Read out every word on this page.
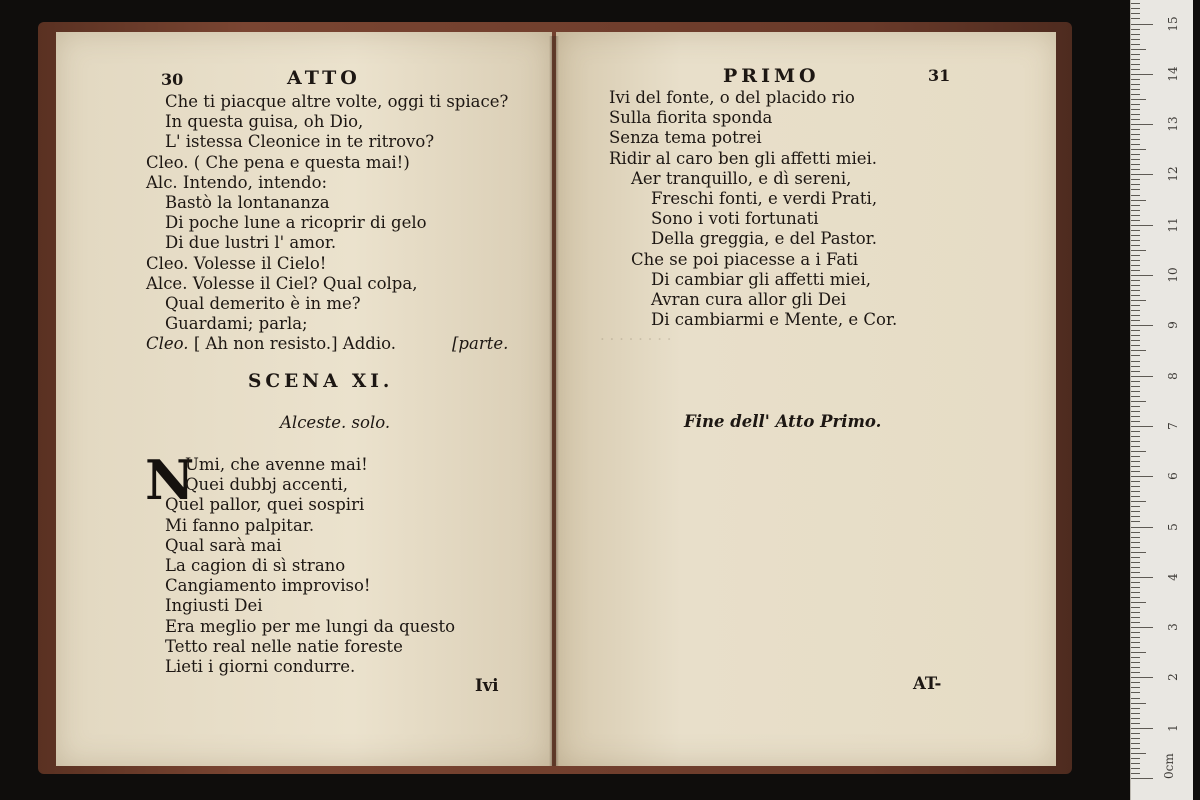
· · · · · · · ·
30	ATTO
Che ti piacque altre volte, oggi ti spiace?
In questa guisa, oh Dio,
L' istessa Cleonice in te ritrovo?
Cleo. ( Che pena e questa mai!)
Alc. Intendo, intendo:
Bastò la lontananza
Di poche lune a ricoprir di gelo
Di due lustri l' amor.
Cleo. Volesse il Cielo!
Alce. Volesse il Ciel? Qual colpa,
Qual demerito è in me?
Guardami; parla;
Cleo. [ Ah non resisto.] Addio.	[parte.
SCENA XI.
Alceste. solo.
N
Umi, che avenne mai!
Quei dubbj accenti,
Quel pallor, quei sospiri
Mi fanno palpitar.
Qual sarà mai
La cagion di sì strano
Cangiamento improviso!
Ingiusti Dei
Era meglio per me lungi da questo
Tetto real nelle natie foreste
Lieti i giorni condurre.
Ivi
PRIMO	31
Ivi del fonte, o del placido rio
Sulla fiorita sponda
Senza tema potrei
Ridir al caro ben gli affetti miei.
Aer tranquillo, e dì sereni,
Freschi fonti, e verdi Prati,
Sono i voti fortunati
Della greggia, e del Pastor.
Che se poi piacesse a i Fati
Di cambiar gli affetti miei,
Avran cura allor gli Dei
Di cambiarmi e Mente, e Cor.
Fine dell' Atto Primo.
AT-
0cm
1
2
3
4
5
6
7
8
9
10
11
12
13
14
15
